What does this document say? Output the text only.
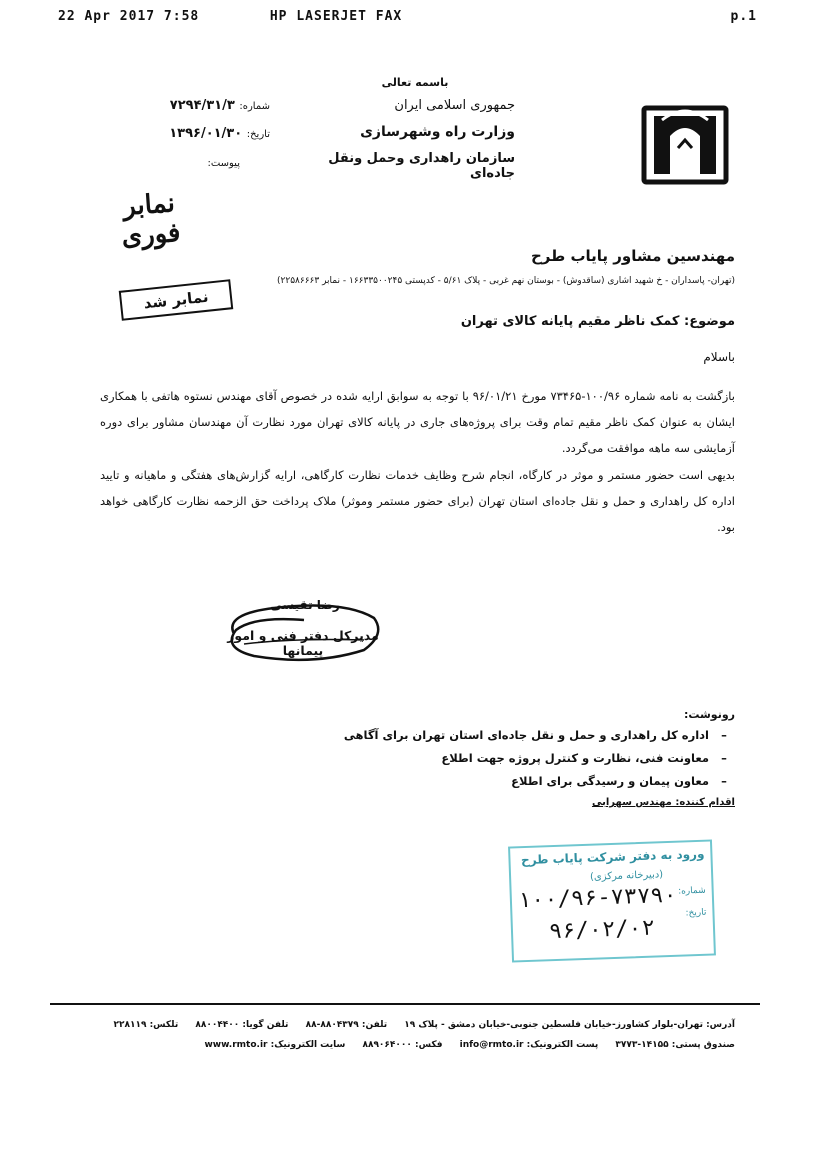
22 Apr 2017 7:58	HP LASERJET FAX	p.1
باسمه تعالی
جمهوری اسلامی ایران
وزارت راه وشهرسازی
سازمان راهداری وحمل ونقل جاده‌ای
شماره: ۷۲۹۴/۳۱/۳
تاریخ: ۱۳۹۶/۰۱/۳۰
پیوست:
نمابر فوری
مهندسین مشاور پایاب طرح
(تهران- پاسداران - خ شهید اشاری (ساقدوش) - بوستان نهم غربی - پلاک ۵/۶۱ - کدپستی ۱۶۶۳۳۵۰۰۲۴۵ - نمابر ۲۲۵۸۶۶۶۳)
نمابر شد
موضوع: کمک ناظر مقیم پایانه کالای تهران
باسلام
بازگشت به نامه شماره ۱۰۰/۹۶-۷۳۴۶۵ مورخ ۹۶/۰۱/۲۱ با توجه به سوابق ارایه شده در خصوص آقای مهندس نستوه هاتفی با همکاری ایشان به عنوان کمک ناظر مقیم تمام وقت برای پروژه‌های جاری در پایانه کالای تهران مورد نظارت آن مهندسان مشاور برای دوره آزمایشی سه ماهه موافقت می‌گردد.
بدیهی است حضور مستمر و موثر در کارگاه، انجام شرح وظایف خدمات نظارت کارگاهی، ارایه گزارش‌های هفتگی و ماهیانه و تایید اداره کل راهداری و حمل و نقل جاده‌ای استان تهران (برای حضور مستمر وموثر) ملاک پرداخت حق الزحمه نظارت کارگاهی خواهد بود.
رضا تقیسی
مدیرکل دفتر فنی و امور پیمانها
رونوشت:
– اداره کل راهداری و حمل و نقل جاده‌ای استان تهران برای آگاهی
– معاونت فنی، نظارت و کنترل پروژه جهت اطلاع
– معاون پیمان و رسیدگی برای اطلاع
اقدام کننده: مهندس سهرابی
ورود به دفتر شرکت پایاب طرح
(دبیرخانه مرکزی)
شماره:
تاریخ:
۱۰۰/۹۶-۷۳۷۹۰
۹۶/۰۲/۰۲
آدرس: تهران-بلوار کشاورز-خیابان فلسطین جنوبی-خیابان دمشق - پلاک ۱۹ تلفن: ۸۸۰۴۳۷۹-۸۸ تلفن گویا: ۸۸۰۰۴۴۰۰ تلکس: ۲۲۸۱۱۹
صندوق پستی: ۱۴۱۵۵-۳۷۷۳ پست الکترونیک: info@rmto.ir فکس: ۸۸۹۰۶۴۰۰۰ سایت الکترونیک: www.rmto.ir
